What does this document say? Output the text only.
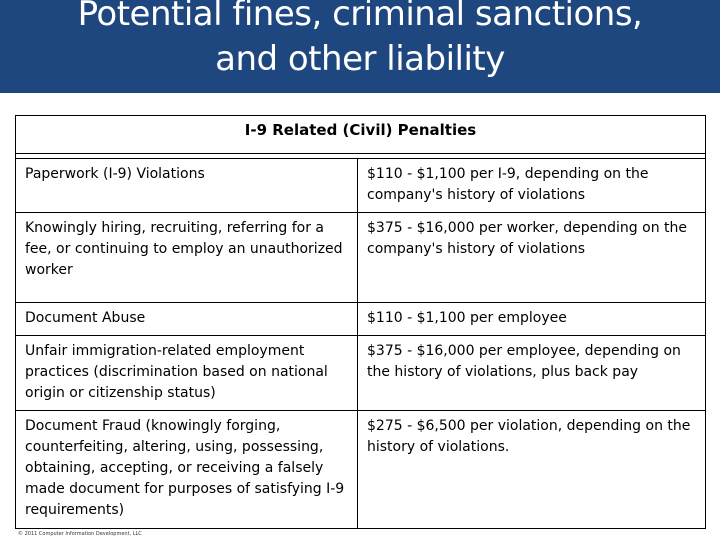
Potential fines, criminal sanctions,
and other liability
I-9 Related (Civil) Penalties	

Paperwork (I-9) Violations	$110 - $1,100 per I-9, depending on the company's history of violations
Knowingly hiring, recruiting, referring for a fee, or continuing to employ an unauthorized worker	$375 - $16,000 per worker, depending on the company's history of violations
Document Abuse	$110 - $1,100 per employee
Unfair immigration-related employment practices (discrimination based on national origin or citizenship status)	$375 - $16,000 per employee, depending on the history of violations, plus back pay
Document Fraud (knowingly forging, counterfeiting, altering, using, possessing, obtaining, accepting, or receiving a falsely made document for purposes of satisfying I-9 requirements)	$275 - $6,500 per violation, depending on the history of violations.
© 2011 Computer Information Development, LLC
